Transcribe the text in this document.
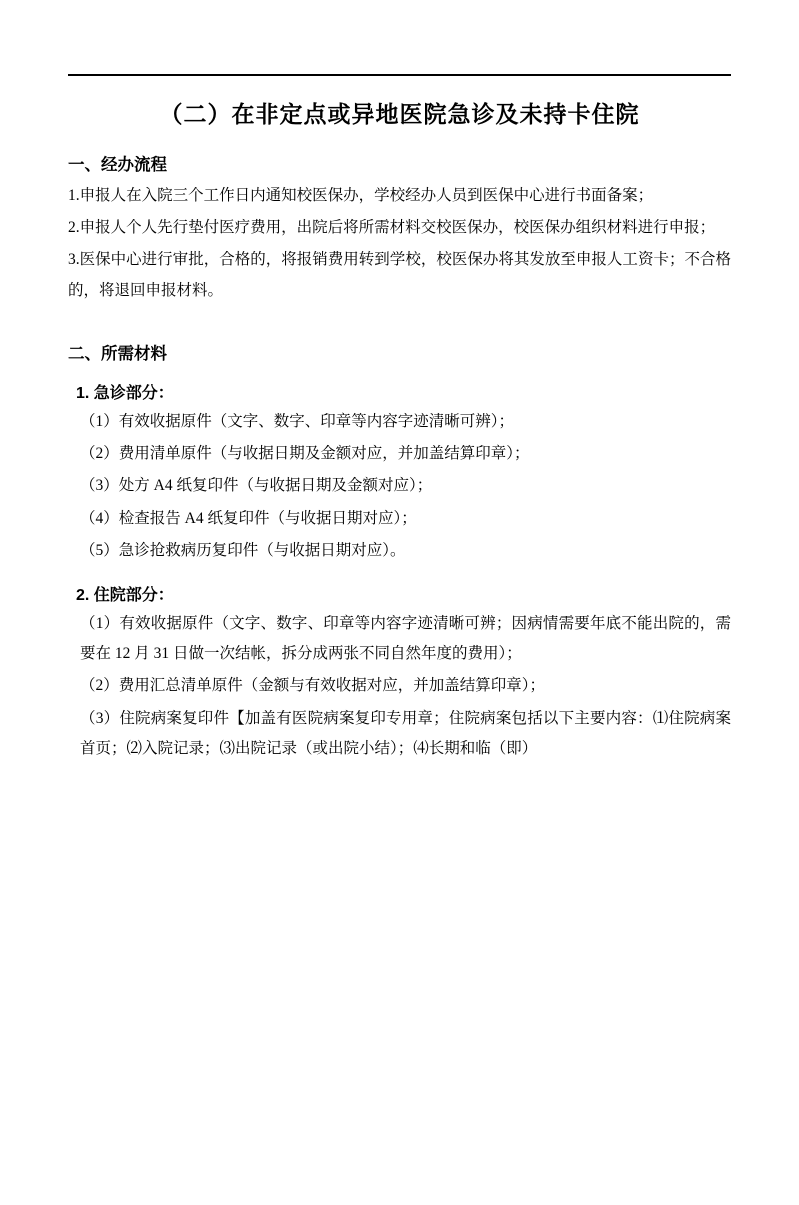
（二）在非定点或异地医院急诊及未持卡住院
一、经办流程

1.申报人在入院三个工作日内通知校医保办，学校经办人员到医保中心进行书面备案；

2.申报人个人先行垫付医疗费用，出院后将所需材料交校医保办，校医保办组织材料进行申报；

3.医保中心进行审批，合格的，将报销费用转到学校，校医保办将其发放至申报人工资卡；不合格的，将退回申报材料。

二、所需材料
1. 急诊部分：

（1）有效收据原件（文字、数字、印章等内容字迹清晰可辨）；

（2）费用清单原件（与收据日期及金额对应，并加盖结算印章）；

（3）处方 A4 纸复印件（与收据日期及金额对应）；

（4）检查报告 A4 纸复印件（与收据日期对应）；

（5）急诊抢救病历复印件（与收据日期对应）。

2. 住院部分：

（1）有效收据原件（文字、数字、印章等内容字迹清晰可辨；因病情需要年底不能出院的，需要在 12 月 31 日做一次结帐，拆分成两张不同自然年度的费用）；

（2）费用汇总清单原件（金额与有效收据对应，并加盖结算印章）；

（3）住院病案复印件【加盖有医院病案复印专用章；住院病案包括以下主要内容：⑴住院病案首页；⑵入院记录；⑶出院记录（或出院小结）；⑷长期和临（即）
